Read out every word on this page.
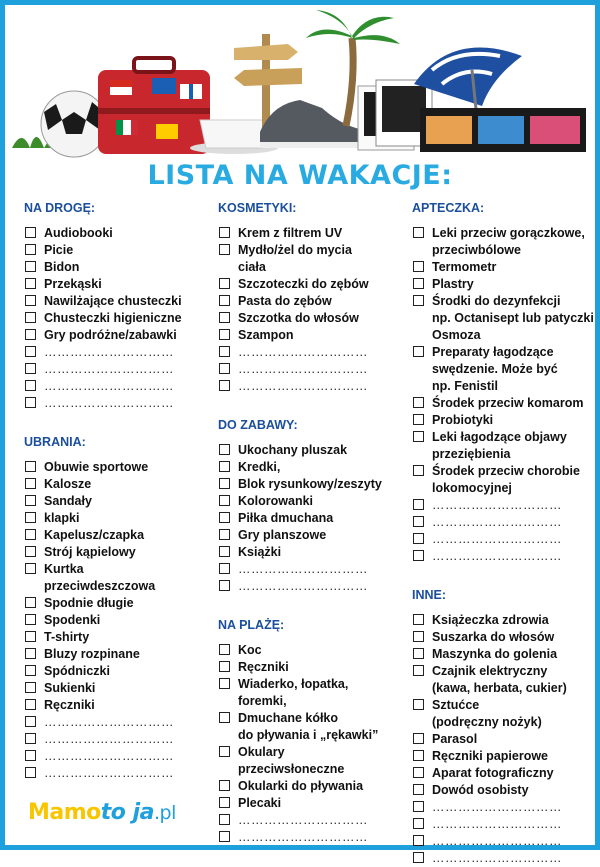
LISTA NA WAKACJE:
NA DROGĘ:
Audiobooki
Picie
Bidon
Przekąski
Nawilżające chusteczki
Chusteczki higieniczne
Gry podróżne/zabawki
…………………………
…………………………
…………………………
…………………………
UBRANIA:
Obuwie sportowe
Kalosze
Sandały
klapki
Kapelusz/czapka
Strój kąpielowy
Kurtka
przeciwdeszczowa
Spodnie długie
Spodenki
T-shirty
Bluzy rozpinane
Spódniczki
Sukienki
Ręczniki
…………………………
…………………………
…………………………
…………………………
KOSMETYKI:
Krem z filtrem UV
Mydło/żel do mycia
ciała
Szczoteczki do zębów
Pasta do zębów
Szczotka do włosów
Szampon
…………………………
…………………………
…………………………
DO ZABAWY:
Ukochany pluszak
Kredki,
Blok rysunkowy/zeszyty
Kolorowanki
Piłka dmuchana
Gry planszowe
Książki
…………………………
…………………………
NA PLAŻĘ:
Koc
Ręczniki
Wiaderko, łopatka,
foremki,
Dmuchane kółko
do pływania i „rękawki”
Okulary
przeciwsłoneczne
Okularki do pływania
Plecaki
…………………………
…………………………
APTECZKA:
Leki przeciw gorączkowe,
przeciwbólowe
Termometr
Plastry
Środki do dezynfekcji
np. Octanisept lub patyczki
Osmoza
Preparaty łagodzące
swędzenie. Może być
np. Fenistil
Środek przeciw komarom
Probiotyki
Leki łagodzące objawy
przeziębienia
Środek przeciw chorobie
lokomocyjnej
…………………………
…………………………
…………………………
…………………………
INNE:
Książeczka zdrowia
Suszarka do włosów
Maszynka do golenia
Czajnik elektryczny
(kawa, herbata, cukier)
Sztućce
(podręczny nożyk)
Parasol
Ręczniki papierowe
Aparat fotograficzny
Dowód osobisty
…………………………
…………………………
…………………………
…………………………
Mamoto ja.pl
